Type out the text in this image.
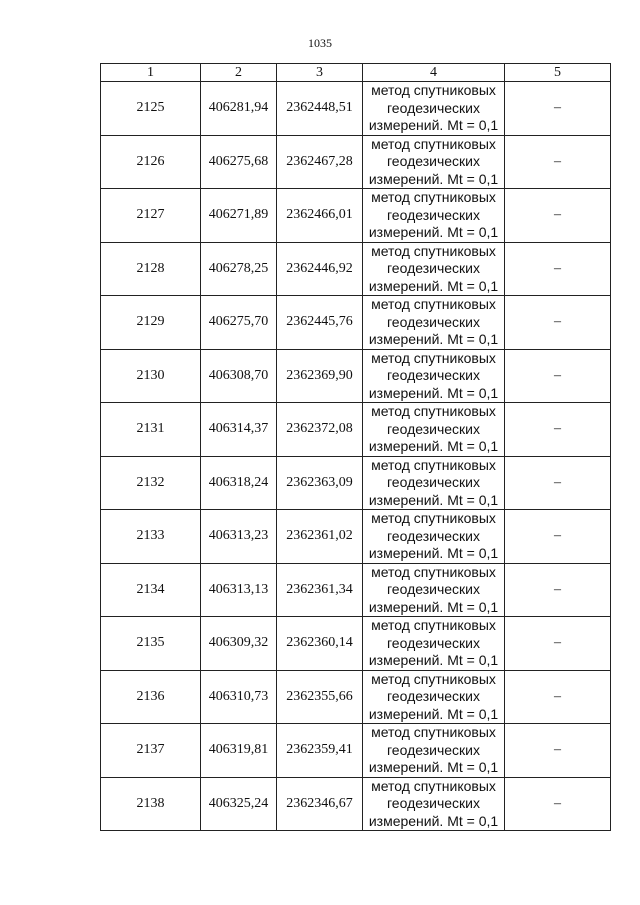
1035
1	2	3	4	5
2125	406281,94	2362448,51	метод спутниковых
геодезических
измерений. Mt = 0,1	–
2126	406275,68	2362467,28	метод спутниковых
геодезических
измерений. Mt = 0,1	–
2127	406271,89	2362466,01	метод спутниковых
геодезических
измерений. Mt = 0,1	–
2128	406278,25	2362446,92	метод спутниковых
геодезических
измерений. Mt = 0,1	–
2129	406275,70	2362445,76	метод спутниковых
геодезических
измерений. Mt = 0,1	–
2130	406308,70	2362369,90	метод спутниковых
геодезических
измерений. Mt = 0,1	–
2131	406314,37	2362372,08	метод спутниковых
геодезических
измерений. Mt = 0,1	–
2132	406318,24	2362363,09	метод спутниковых
геодезических
измерений. Mt = 0,1	–
2133	406313,23	2362361,02	метод спутниковых
геодезических
измерений. Mt = 0,1	–
2134	406313,13	2362361,34	метод спутниковых
геодезических
измерений. Mt = 0,1	–
2135	406309,32	2362360,14	метод спутниковых
геодезических
измерений. Mt = 0,1	–
2136	406310,73	2362355,66	метод спутниковых
геодезических
измерений. Mt = 0,1	–
2137	406319,81	2362359,41	метод спутниковых
геодезических
измерений. Mt = 0,1	–
2138	406325,24	2362346,67	метод спутниковых
геодезических
измерений. Mt = 0,1	–
